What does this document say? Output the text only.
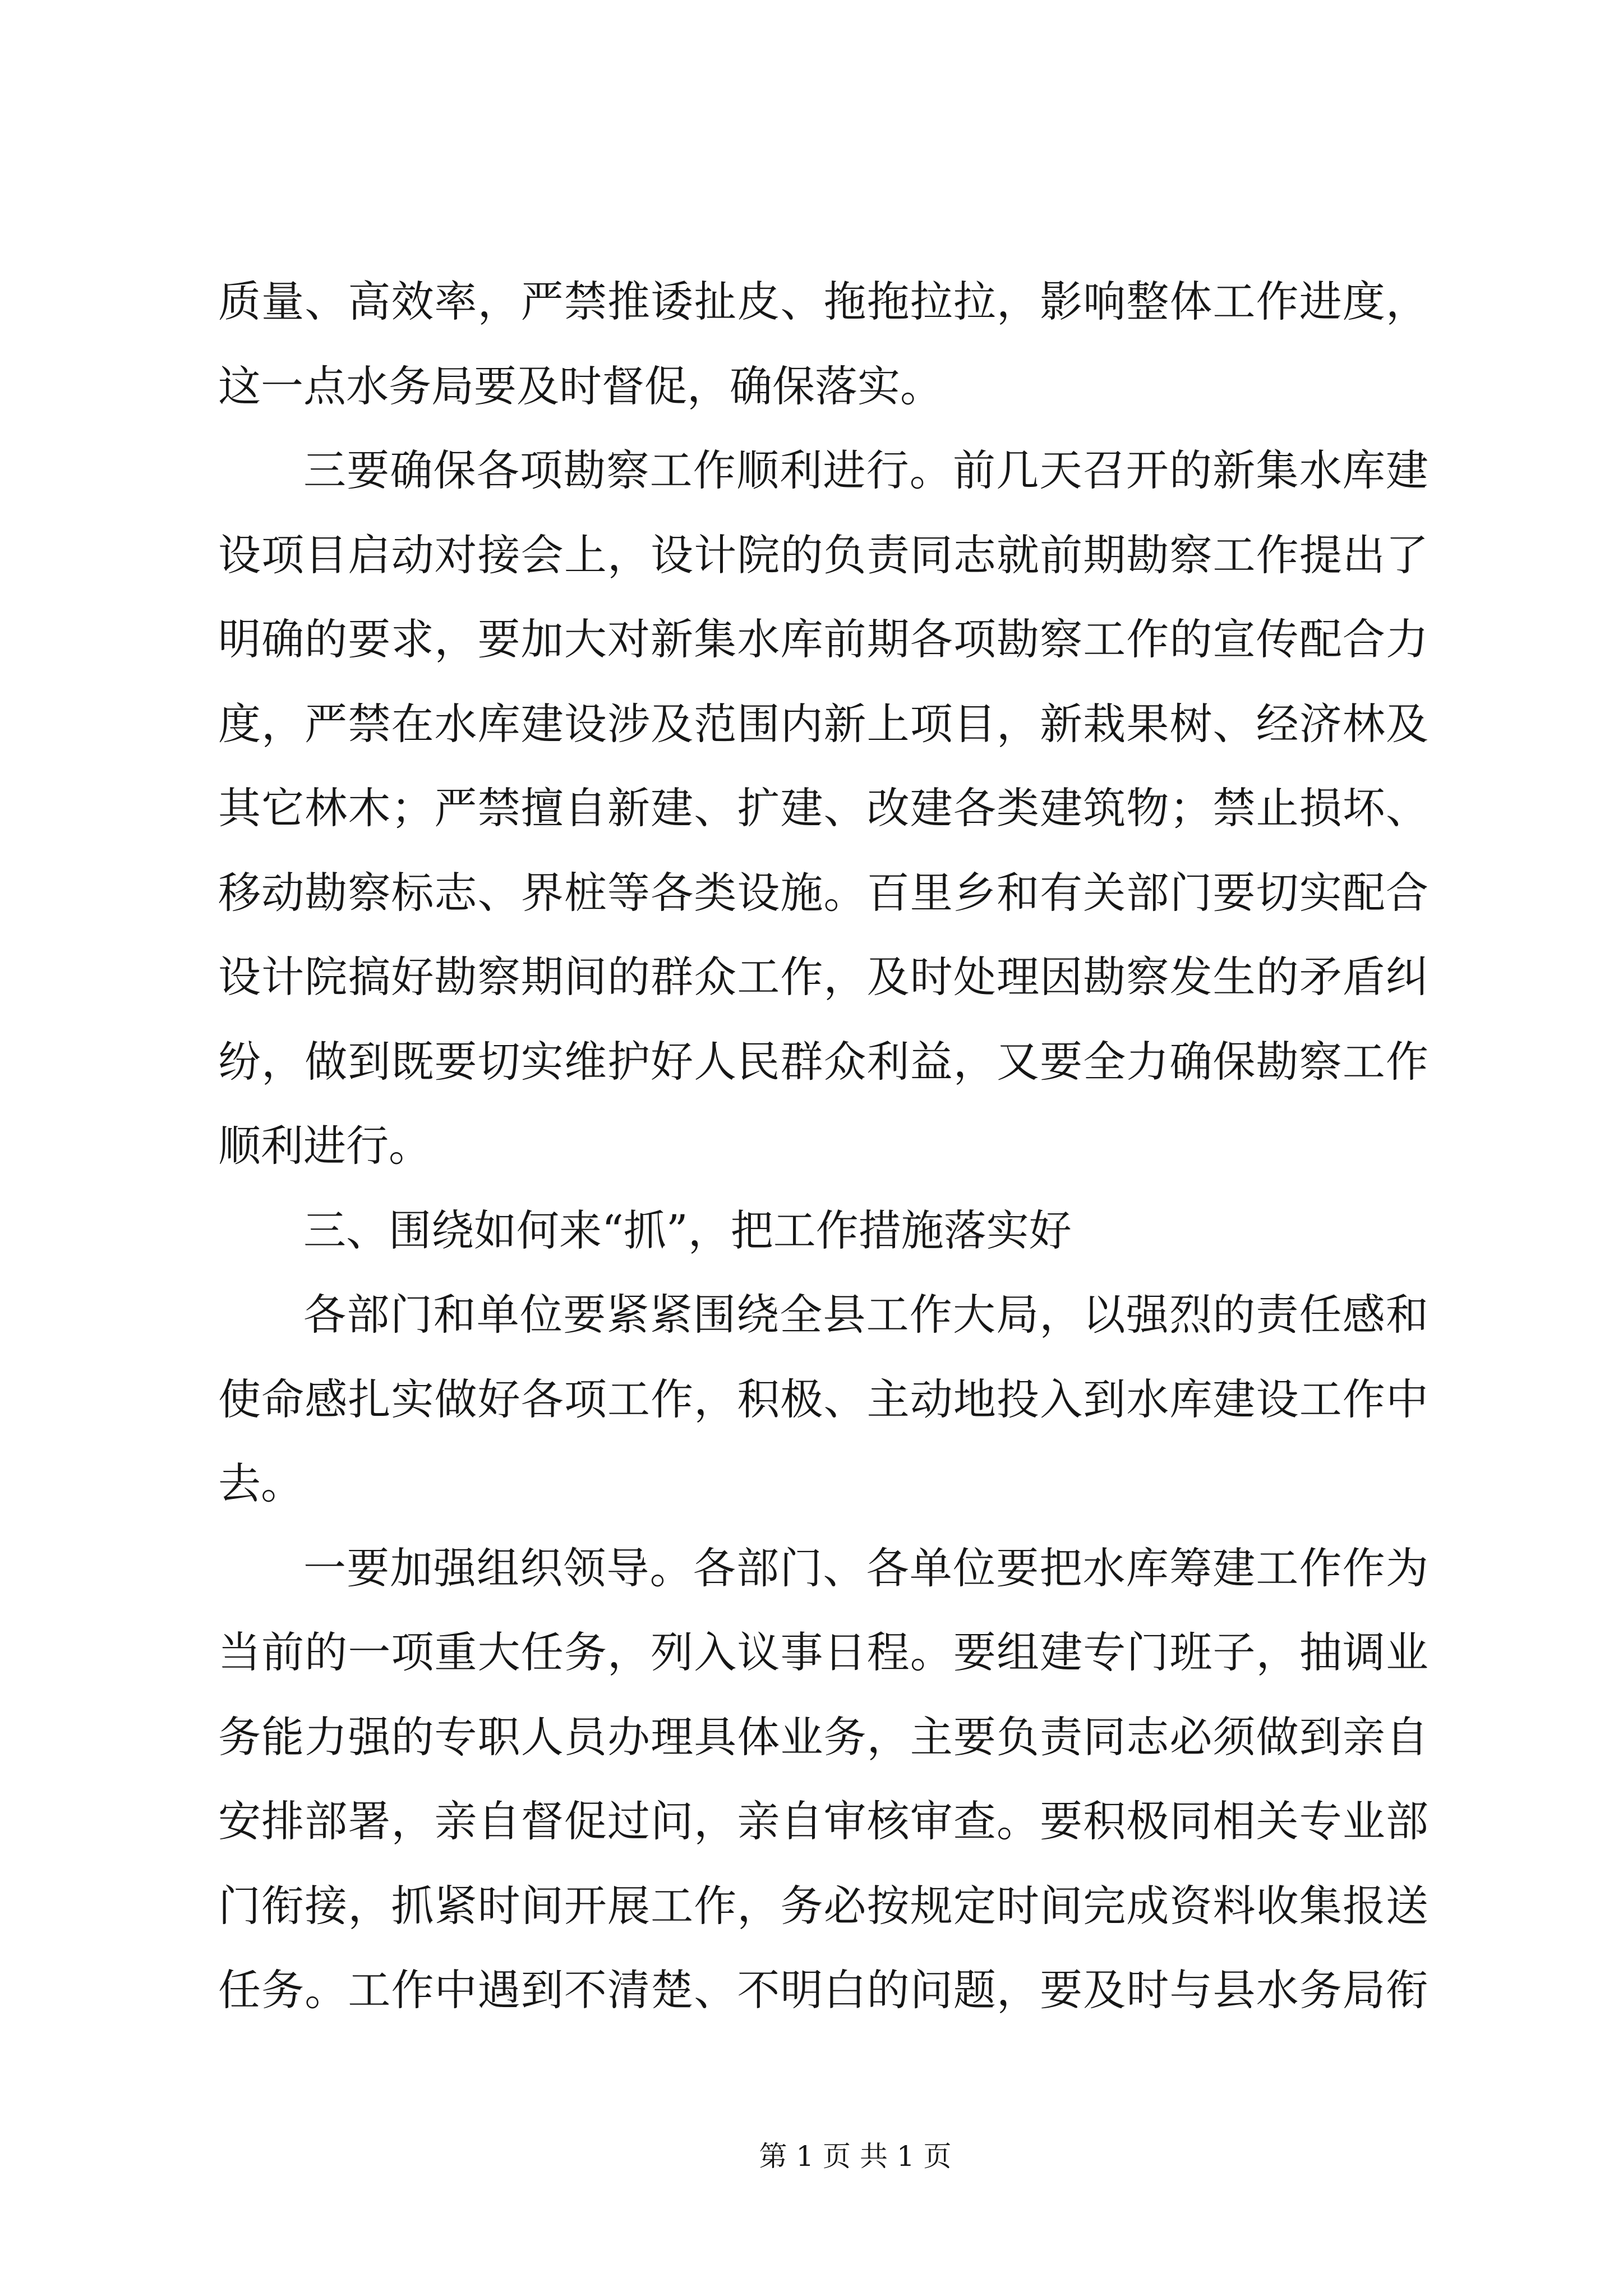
质量、高效率，严禁推诿扯皮、拖拖拉拉，影响整体工作进度，
这一点水务局要及时督促，确保落实。
三要确保各项勘察工作顺利进行。前几天召开的新集水库建
设项目启动对接会上，设计院的负责同志就前期勘察工作提出了
明确的要求，要加大对新集水库前期各项勘察工作的宣传配合力
度，严禁在水库建设涉及范围内新上项目，新栽果树、经济林及
其它林木；严禁擅自新建、扩建、改建各类建筑物；禁止损坏、
移动勘察标志、界桩等各类设施。百里乡和有关部门要切实配合
设计院搞好勘察期间的群众工作，及时处理因勘察发生的矛盾纠
纷，做到既要切实维护好人民群众利益，又要全力确保勘察工作
顺利进行。
三、围绕如何来“抓”，把工作措施落实好
各部门和单位要紧紧围绕全县工作大局，以强烈的责任感和
使命感扎实做好各项工作，积极、主动地投入到水库建设工作中
去。
一要加强组织领导。各部门、各单位要把水库筹建工作作为
当前的一项重大任务，列入议事日程。要组建专门班子，抽调业
务能力强的专职人员办理具体业务，主要负责同志必须做到亲自
安排部署，亲自督促过问，亲自审核审查。要积极同相关专业部
门衔接，抓紧时间开展工作，务必按规定时间完成资料收集报送
任务。工作中遇到不清楚、不明白的问题，要及时与县水务局衔
第 1 页 共 1 页
